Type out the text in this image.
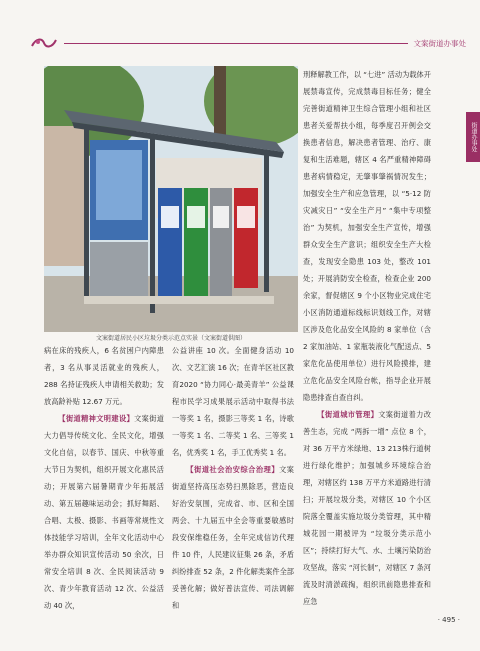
文案街道办事处
街道办事处
文案街道居民小区垃圾分类示范点实景（文案街道供图）

病在床的残疾人，6 名贫困户内障患者，3 名从事灵活就业的残疾人，288 名持证残疾人申请相关救助；发放高龄补贴 12.67 万元。

【街道精神文明建设】文案街道大力倡导传统文化、全民文化，增强文化自信，以春节、国庆、中秋等重大节日为契机，组织开展文化惠民活动；开展第六届暑期青少年拓展活动、第五届趣味运动会；抓好舞蹈、合唱、太极、摄影、书画等常规性文体技能学习培训，全年文化活动中心举办群众知识宣传活动 50 余次，日常安全培训 8 次、全民阅读活动 9 次、青少年教育活动 12 次、公益活动 40 次，

公益讲座 10 次。全面健身活动 10 次、文艺汇演 16 次；在青羊区社区教育2020 “协力同心·最美青羊” 公益课程市民学习成果展示活动中取得书法一等奖 1 名，摄影三等奖 1 名，诗歌一等奖 1 名、二等奖 1 名、三等奖 1 名，优秀奖 1 名，手工优秀奖 1 名。

【街道社会治安综合治理】文案街道坚持高压态势扫黑除恶，营造良好治安氛围，完成省、市、区和全国两会、十九届五中全会等重要敏感时段安保维稳任务，全年完成信访代理件 10 件，人民建议征集 26 条，矛盾纠纷排查 52 条，2 件化解类案件全部妥善化解；做好普法宣传、司法调解和

刑释解教工作，以 “七进” 活动为载体开展禁毒宣传，完成禁毒目标任务；健全完善街道精神卫生综合管理小组和社区患者关爱帮扶小组，每季度召开例会交换患者信息，解决患者管理、治疗、康复和生活难题，辖区 4 名严重精神障碍患者病情稳定，无肇事肇祸情况发生；加强安全生产和应急管理，以 “5·12 防灾减灾日” “安全生产月” “集中专项整治” 为契机，加强安全生产宣传，增强群众安全生产意识；组织安全生产大检查，发现安全隐患 103 处，整改 101 处；开展消防安全检查，检查企业 200 余家，督促辖区 9 个小区物业完成住宅小区消防通道标线标识划线工作，对辖区涉及危化品安全风险的 8 家单位（含 2 家加油站、1 家瓶装液化气配送点、5 家危化品使用单位）进行风险摸排，建立危化品安全风险台帐，指导企业开展隐患排查自查自纠。

【街道城市管理】文案街道着力改善生态，完成 “两拆一增” 点位 8 个，对 36 万平方米绿地、13 213株行道树进行绿化维护；加强城乡环境综合治理，对辖区约 138 万平方米道路进行清扫；开展垃圾分类，对辖区 10 个小区院落全覆盖实施垃圾分类管理，其中精城花园一期被评为 “垃圾分类示范小区”；持续打好大气、水、土壤污染防治攻坚战，落实 “河长制”，对辖区 7 条河流及时清淤疏掏，组织讯前隐患排查和应急

· 495 ·
